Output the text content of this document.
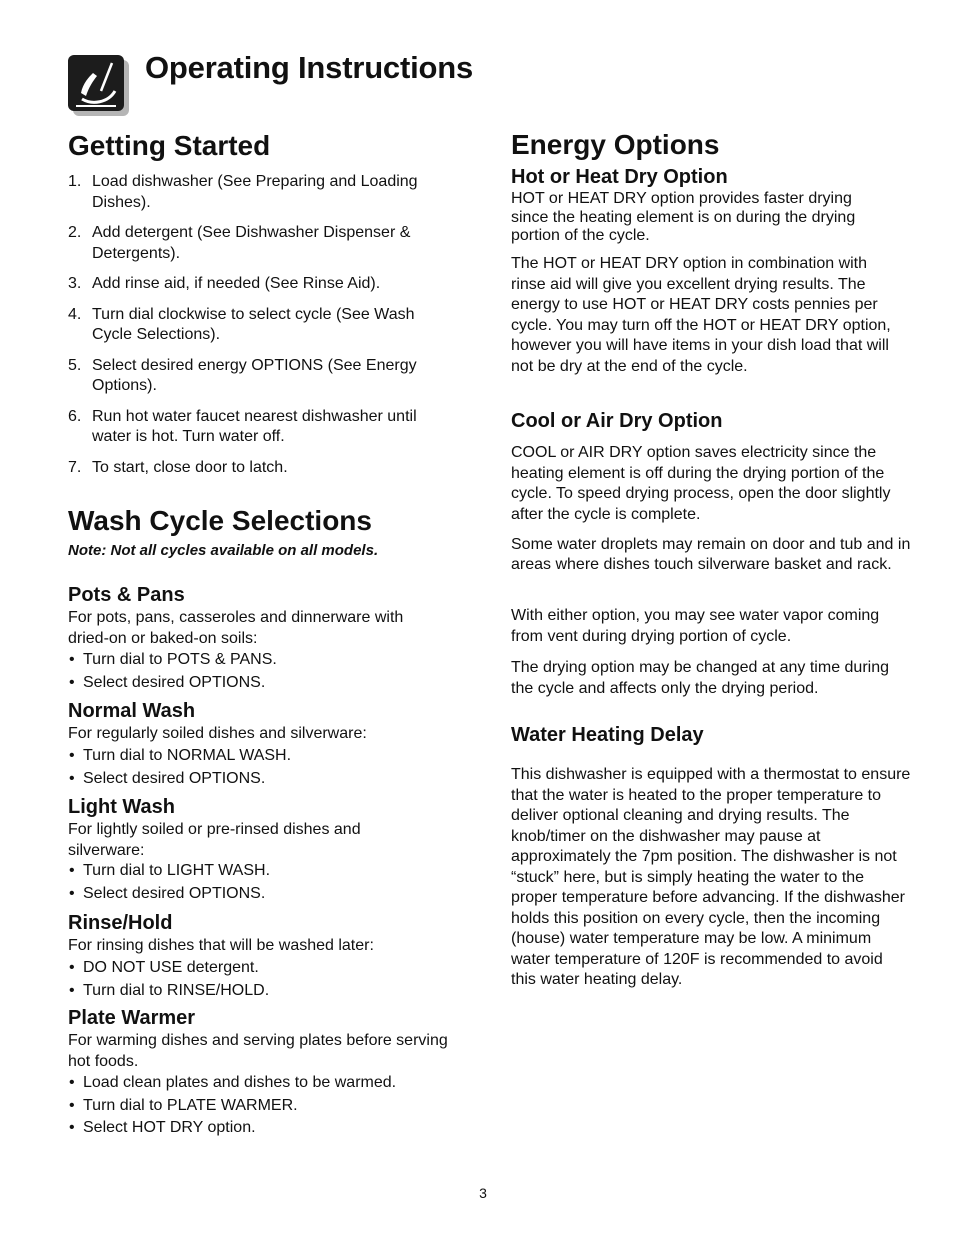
Operating Instructions
Getting Started
1. Load dishwasher (See Preparing and Loading Dishes).
2. Add detergent (See Dishwasher Dispenser & Detergents).
3. Add rinse aid, if needed (See Rinse Aid).
4. Turn dial clockwise to select cycle (See Wash Cycle Selections).
5. Select desired energy OPTIONS (See Energy Options).
6. Run hot water faucet nearest dishwasher until water is hot. Turn water off.
7. To start, close door to latch.
Wash Cycle Selections

Note: Not all cycles available on all models.

Pots & Pans

For pots, pans, casseroles and dinnerware with dried-on or baked-on soils:

• Turn dial to POTS & PANS.
• Select desired OPTIONS.
Normal Wash

For regularly soiled dishes and silverware:

• Turn dial to NORMAL WASH.
• Select desired OPTIONS.
Light Wash

For lightly soiled or pre-rinsed dishes and silverware:

• Turn dial to LIGHT WASH.
• Select desired OPTIONS.
Rinse/Hold

For rinsing dishes that will be washed later:

• DO NOT USE detergent.
• Turn dial to RINSE/HOLD.
Plate Warmer

For warming dishes and serving plates before serving hot foods.

• Load clean plates and dishes to be warmed.
• Turn dial to PLATE WARMER.
• Select HOT DRY option.
Energy Options
Hot or Heat Dry Option

HOT or HEAT DRY option provides faster drying since the heating element is on during the drying portion of the cycle.

The HOT or HEAT DRY option in combination with rinse aid will give you excellent drying results. The energy to use HOT or HEAT DRY costs pennies per cycle. You may turn off the HOT or HEAT DRY option, however you will have items in your dish load that will not be dry at the end of the cycle.

Cool or Air Dry Option

COOL or AIR DRY option saves electricity since the heating element is off during the drying portion of the cycle. To speed drying process, open the door slightly after the cycle is complete.

Some water droplets may remain on door and tub and in areas where dishes touch silverware basket and rack.

With either option, you may see water vapor coming from vent during drying portion of cycle.

The drying option may be changed at any time during the cycle and affects only the drying period.

Water Heating Delay

This dishwasher is equipped with a thermostat to ensure that the water is heated to the proper temperature to deliver optional cleaning and drying results. The knob/timer on the dishwasher may pause at approximately the 7pm position. The dishwasher is not “stuck” here, but is simply heating the water to the proper temperature before advancing. If the dishwasher holds this position on every cycle, then the incoming (house) water temperature may be low. A minimum water temperature of 120F is recommended to avoid this water heating delay.

3
